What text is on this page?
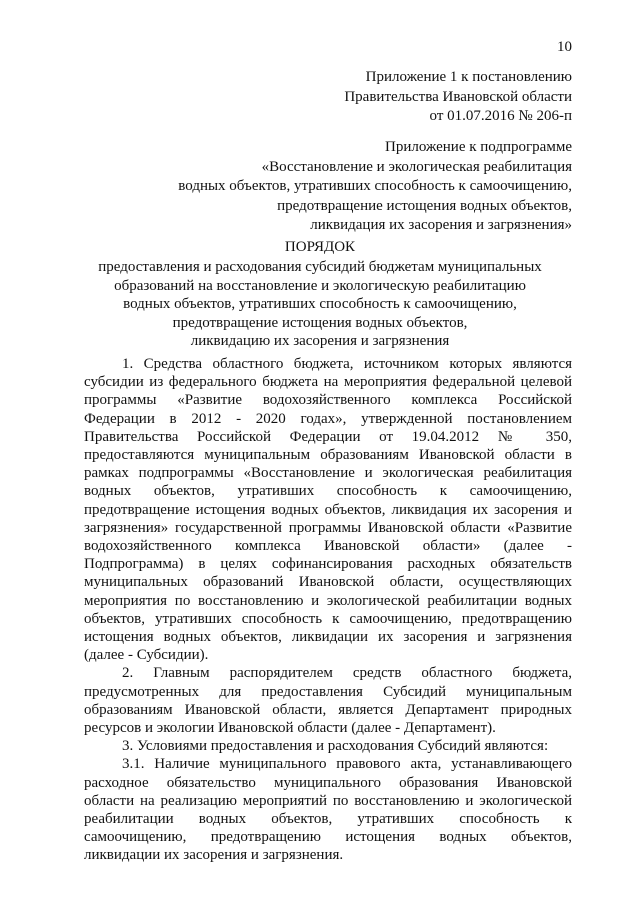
10
Приложение 1 к постановлению
Правительства Ивановской области
от 01.07.2016 № 206-п
Приложение к подпрограмме
«Восстановление и экологическая реабилитация
водных объектов, утративших способность к самоочищению,
предотвращение истощения водных объектов,
ликвидация их засорения и загрязнения»
ПОРЯДОК
предоставления и расходования субсидий бюджетам муниципальных
образований на восстановление и экологическую реабилитацию
водных объектов, утративших способность к самоочищению,
предотвращение истощения водных объектов,
ликвидацию их засорения и загрязнения
1. Средства областного бюджета, источником которых являются
субсидии из федерального бюджета на мероприятия федеральной целевой
программы «Развитие водохозяйственного комплекса Российской
Федерации в 2012 - 2020 годах», утвержденной постановлением
Правительства Российской Федерации от 19.04.2012 № 350,
предоставляются муниципальным образованиям Ивановской области в
рамках подпрограммы «Восстановление и экологическая реабилитация
водных объектов, утративших способность к самоочищению,
предотвращение истощения водных объектов, ликвидация их засорения и
загрязнения» государственной программы Ивановской области «Развитие
водохозяйственного комплекса Ивановской области» (далее -
Подпрограмма) в целях софинансирования расходных обязательств
муниципальных образований Ивановской области, осуществляющих
мероприятия по восстановлению и экологической реабилитации водных
объектов, утративших способность к самоочищению, предотвращению
истощения водных объектов, ликвидации их засорения и загрязнения
(далее - Субсидии).
2. Главным распорядителем средств областного бюджета,
предусмотренных для предоставления Субсидий муниципальным
образованиям Ивановской области, является Департамент природных
ресурсов и экологии Ивановской области (далее - Департамент).
3. Условиями предоставления и расходования Субсидий являются:
3.1. Наличие муниципального правового акта, устанавливающего
расходное обязательство муниципального образования Ивановской
области на реализацию мероприятий по восстановлению и экологической
реабилитации водных объектов, утративших способность к
самоочищению, предотвращению истощения водных объектов,
ликвидации их засорения и загрязнения.
